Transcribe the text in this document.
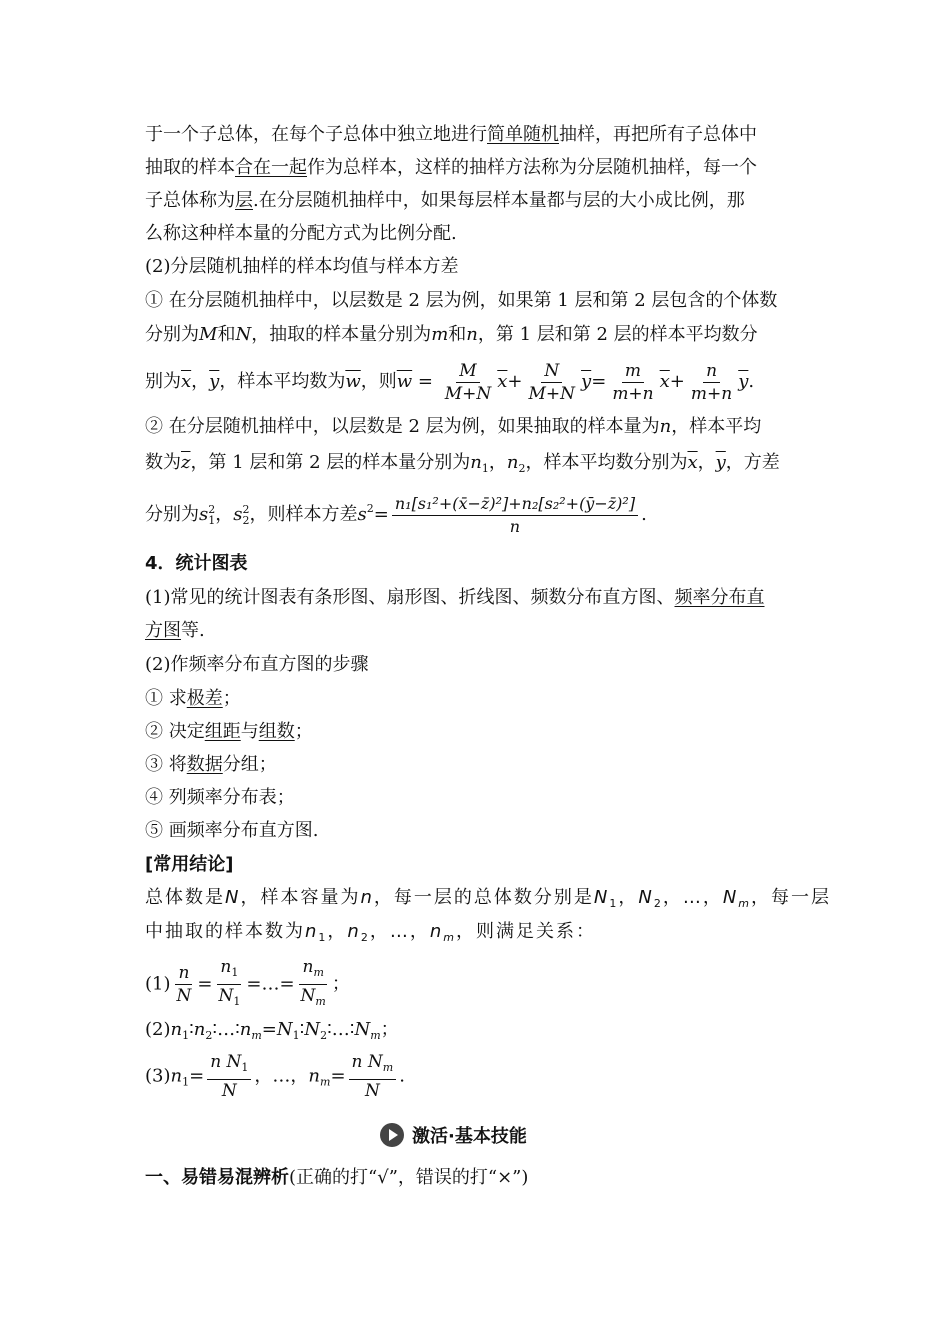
于一个子总体，在每个子总体中独立地进行简单随机抽样，再把所有子总体中
抽取的样本合在一起作为总样本，这样的抽样方法称为分层随机抽样，每一个
子总体称为层.在分层随机抽样中，如果每层样本量都与层的大小成比例，那
么称这种样本量的分配方式为比例分配.
(2)分层随机抽样的样本均值与样本方差
① 在分层随机抽样中，以层数是 2 层为例，如果第 1 层和第 2 层包含的个体数
分别为M和N，抽取的样本量分别为m和n，第 1 层和第 2 层的样本平均数分
别为$\overline{x}$，$\overline{y}$，样本平均数为$\overline{w}$，则$\overline{w} = \frac{M}{M+N} \overline{x}+ \frac{N}{M+N} \overline{y}= \frac{m}{m+n} \overline{x}+ \frac{n}{m+n} \overline{y}$.
② 在分层随机抽样中，以层数是 2 层为例，如果抽取的样本量为n，样本平均
数为$\overline{z}$，第 1 层和第 2 层的样本量分别为$n_1$，$n_2$，样本平均数分别为$\overline{x}$，$\overline{y}$，方差
分别为s 2
1 ，s 2
2 ，则样本方差$s^2= \frac{\text{n₁[s₁²+(x̄−z̄)²]+n₂[s₂²+(ȳ−z̄)²]}}{n}$ .
4．统计图表
(1)常见的统计图表有条形图、扇形图、折线图、频数分布直方图、频率分布直
方图等.
(2)作频率分布直方图的步骤
① 求极差；
② 决定组距与组数；
③ 将数据分组；
④ 列频率分布表；
⑤ 画频率分布直方图.
[常用结论]
总体数是N，样本容量为n，每一层的总体数分别是$N_1$，$N_2$，…，$N_m$，每一层
中抽取的样本数为$n_1$，$n_2$，…，$n_m$，则满足关系：
$(1) \frac{n}{N} = \frac{n_1}{N_1}$ =…= $\frac{n_m}{N_m}$ ；
$(2)n_1∶n_2∶\dots∶n_m=N_1∶N_2∶\dots∶N_m$；
$(3)n_1= \frac{n N_1}{N}$ ，…，$n_m= \frac{n N_m}{N}$ .
激活·基本技能
一、易错易混辨析(正确的打“√”，错误的打“×”)
